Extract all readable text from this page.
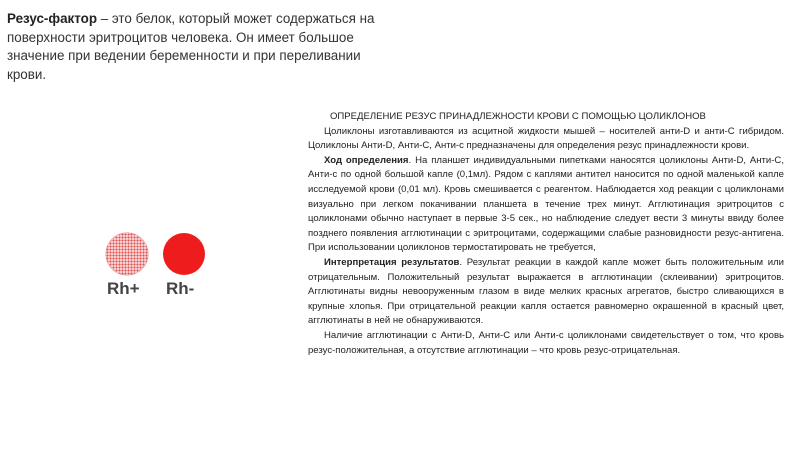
Резус-фактор – это белок, который может содержаться на поверхности эритроцитов человека. Он имеет большое значение при ведении беременности и при переливании крови.
Rh+ Rh-

ОПРЕДЕЛЕНИЕ РЕЗУС ПРИНАДЛЕЖНОСТИ КРОВИ С ПОМОЩЬЮ ЦОЛИКЛОНОВ

Цоликлоны изготавливаются из асцитной жидкости мышей – носителей анти-D и анти-С гибридом. Цоликлоны Анти-D, Анти-С, Анти-с предназначены для определения резус принадлежности крови.

Ход определения. На планшет индивидуальными пипетками наносятся цоликлоны Анти-D, Анти-С, Анти-с по одной большой капле (0,1мл). Рядом с каплями антител наносится по одной маленькой капле исследуемой крови (0,01 мл). Кровь смешивается с реагентом. Наблюдается ход реакции с цоликлонами визуально при легком покачивании планшета в течение трех минут. Агглютинация эритроцитов с цоликлонами обычно наступает в первые 3-5 сек., но наблюдение следует вести 3 минуты ввиду более позднего появления агглютинации с эритроцитами, содержащими слабые разновидности резус-антигена. При использовании цоликлонов термостатировать не требуется,

Интерпретация результатов. Результат реакции в каждой капле может быть положительным или отрицательным. Положительный результат выражается в агглютинации (склеивании) эритроцитов. Агглютинаты видны невооруженным глазом в виде мелких красных агрегатов, быстро сливающихся в крупные хлопья. При отрицательной реакции капля остается равномерно окрашенной в красный цвет, агглютинаты в ней не обнаруживаются.

Наличие агглютинации с Анти-D, Анти-С или Анти-с цоликлонами свидетельствует о том, что кровь резус-положительная, а отсутствие агглютинации – что кровь резус-отрицательная.
